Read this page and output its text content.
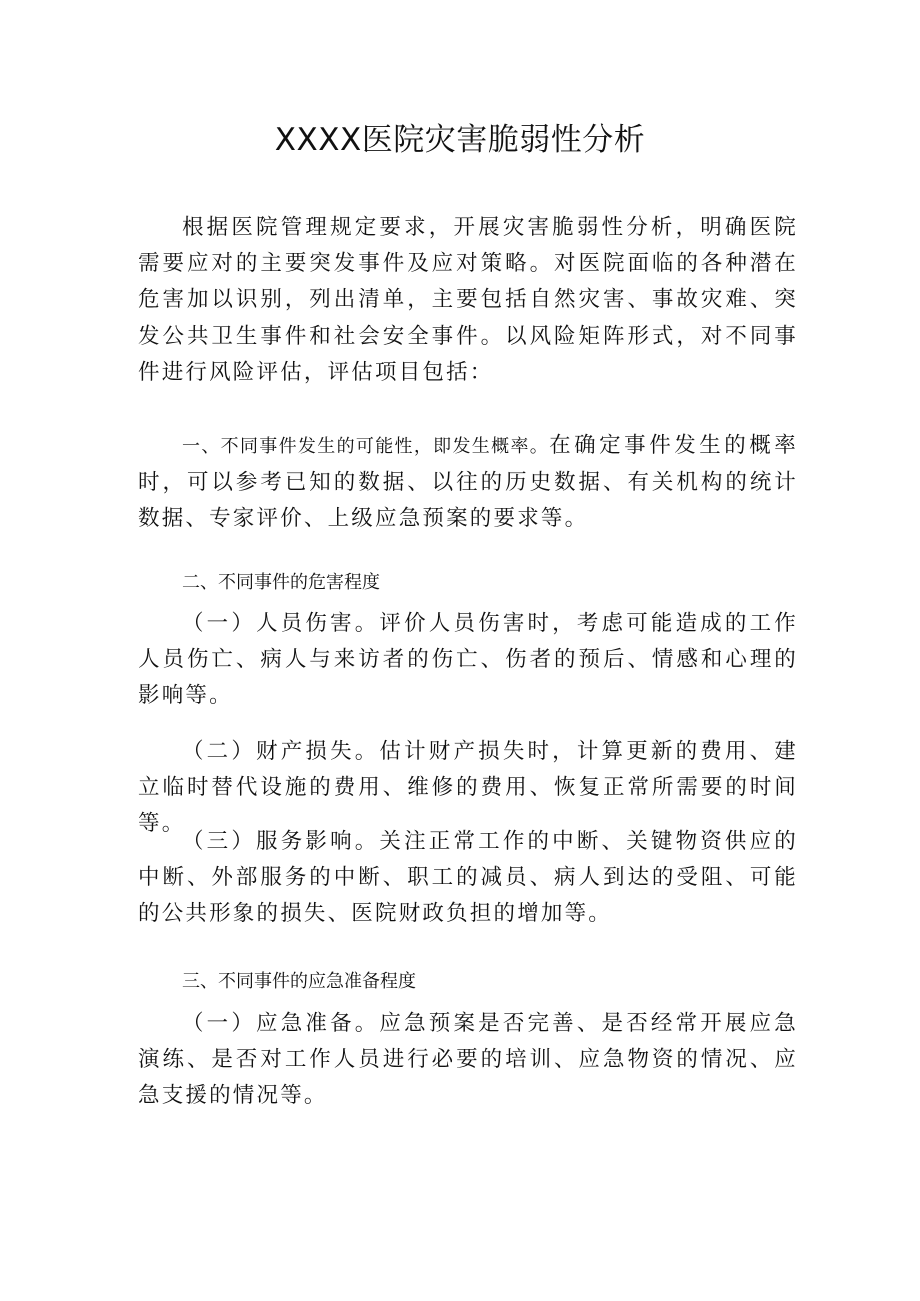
XXXX医院灾害脆弱性分析

根据医院管理规定要求，开展灾害脆弱性分析，明确医院需要应对的主要突发事件及应对策略。对医院面临的各种潜在危害加以识别，列出清单，主要包括自然灾害、事故灾难、突发公共卫生事件和社会安全事件。以风险矩阵形式，对不同事件进行风险评估，评估项目包括：

一、不同事件发生的可能性，即发生概率。在确定事件发生的概率时，可以参考已知的数据、以往的历史数据、有关机构的统计数据、专家评价、上级应急预案的要求等。

二、不同事件的危害程度

（一）人员伤害。评价人员伤害时，考虑可能造成的工作人员伤亡、病人与来访者的伤亡、伤者的预后、情感和心理的影响等。

（二）财产损失。估计财产损失时，计算更新的费用、建立临时替代设施的费用、维修的费用、恢复正常所需要的时间等。

（三）服务影响。关注正常工作的中断、关键物资供应的中断、外部服务的中断、职工的减员、病人到达的受阻、可能的公共形象的损失、医院财政负担的增加等。

三、不同事件的应急准备程度

（一）应急准备。应急预案是否完善、是否经常开展应急演练、是否对工作人员进行必要的培训、应急物资的情况、应急支援的情况等。
